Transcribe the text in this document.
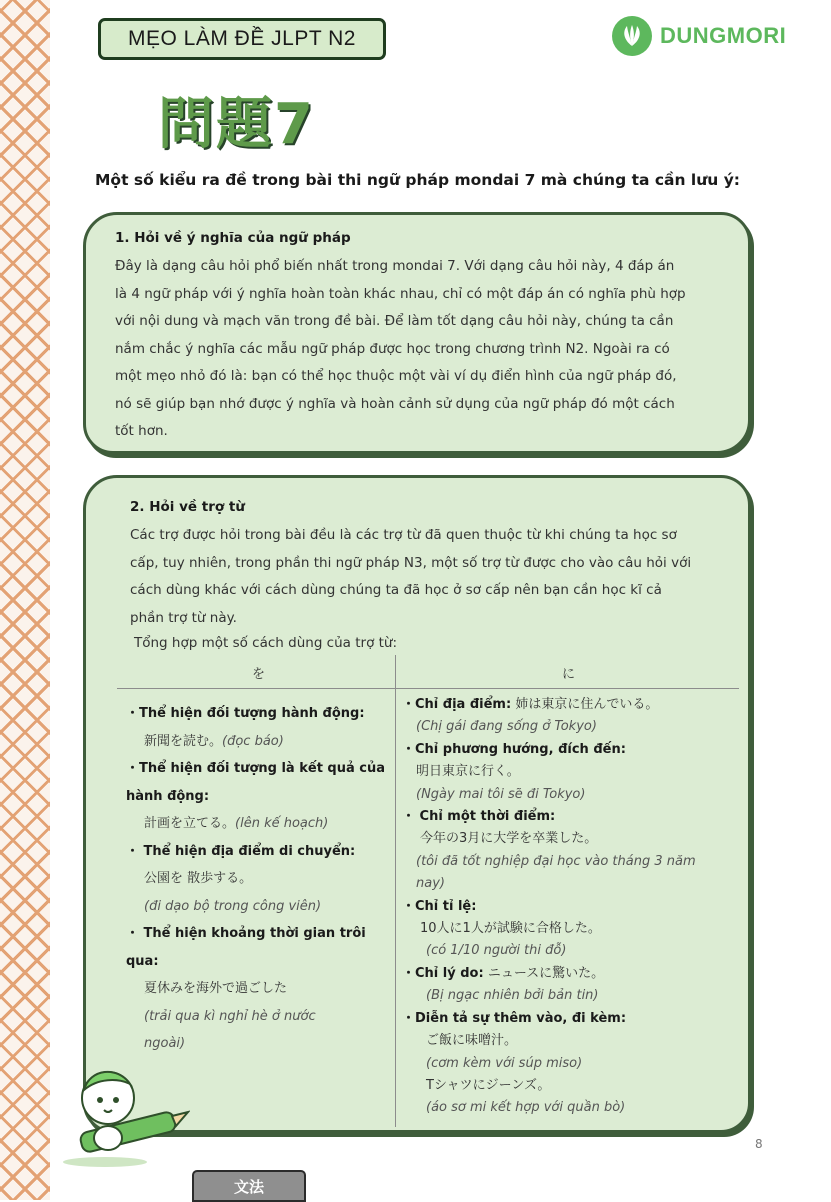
MẸO LÀM ĐỀ JLPT N2	DUNGMORI
問題7
Một số kiểu ra đề trong bài thi ngữ pháp mondai 7 mà chúng ta cần lưu ý:
1. Hỏi về ý nghĩa của ngữ pháp
Đây là dạng câu hỏi phổ biến nhất trong mondai 7. Với dạng câu hỏi này, 4 đáp án
là 4 ngữ pháp với ý nghĩa hoàn toàn khác nhau, chỉ có một đáp án có nghĩa phù hợp
với nội dung và mạch văn trong đề bài. Để làm tốt dạng câu hỏi này, chúng ta cần
nắm chắc ý nghĩa các mẫu ngữ pháp được học trong chương trình N2. Ngoài ra có
một mẹo nhỏ đó là: bạn có thể học thuộc một vài ví dụ điển hình của ngữ pháp đó,
nó sẽ giúp bạn nhớ được ý nghĩa và hoàn cảnh sử dụng của ngữ pháp đó một cách
tốt hơn.
2. Hỏi về trợ từ
Các trợ được hỏi trong bài đều là các trợ từ đã quen thuộc từ khi chúng ta học sơ
cấp, tuy nhiên, trong phần thi ngữ pháp N3, một số trợ từ được cho vào câu hỏi với
cách dùng khác với cách dùng chúng ta đã học ở sơ cấp nên bạn cần học kĩ cả
phần trợ từ này.
Tổng hợp một số cách dùng của trợ từ:
を	に
・Thể hiện đối tượng hành động:
新聞を読む。(đọc báo)
・Thể hiện đối tượng là kết quả của hành động:
計画を立てる。(lên kế hoạch)
・ Thể hiện địa điểm di chuyển:
公園を 散歩する。
(đi dạo bộ trong công viên)
・ Thể hiện khoảng thời gian trôi qua:
夏休みを海外で過ごした
(trải qua kì nghỉ hè ở nước ngoài)
・Chỉ địa điểm: 姉は東京に住んでいる。
(Chị gái đang sống ở Tokyo)
・Chỉ phương hướng, đích đến:
明日東京に行く。
(Ngày mai tôi sẽ đi Tokyo)
・ Chỉ một thời điểm:
今年の3月に大学を卒業した。
(tôi đã tốt nghiệp đại học vào tháng 3 năm nay)
・Chỉ tỉ lệ:
10人に1人が試験に合格した。
(có 1/10 người thi đỗ)
・Chỉ lý do: ニュースに驚いた。
(Bị ngạc nhiên bởi bản tin)
・Diễn tả sự thêm vào, đi kèm:
ご飯に味噌汁。
(cơm kèm với súp miso)
Tシャツにジーンズ。
(áo sơ mi kết hợp với quần bò)
8
文法
